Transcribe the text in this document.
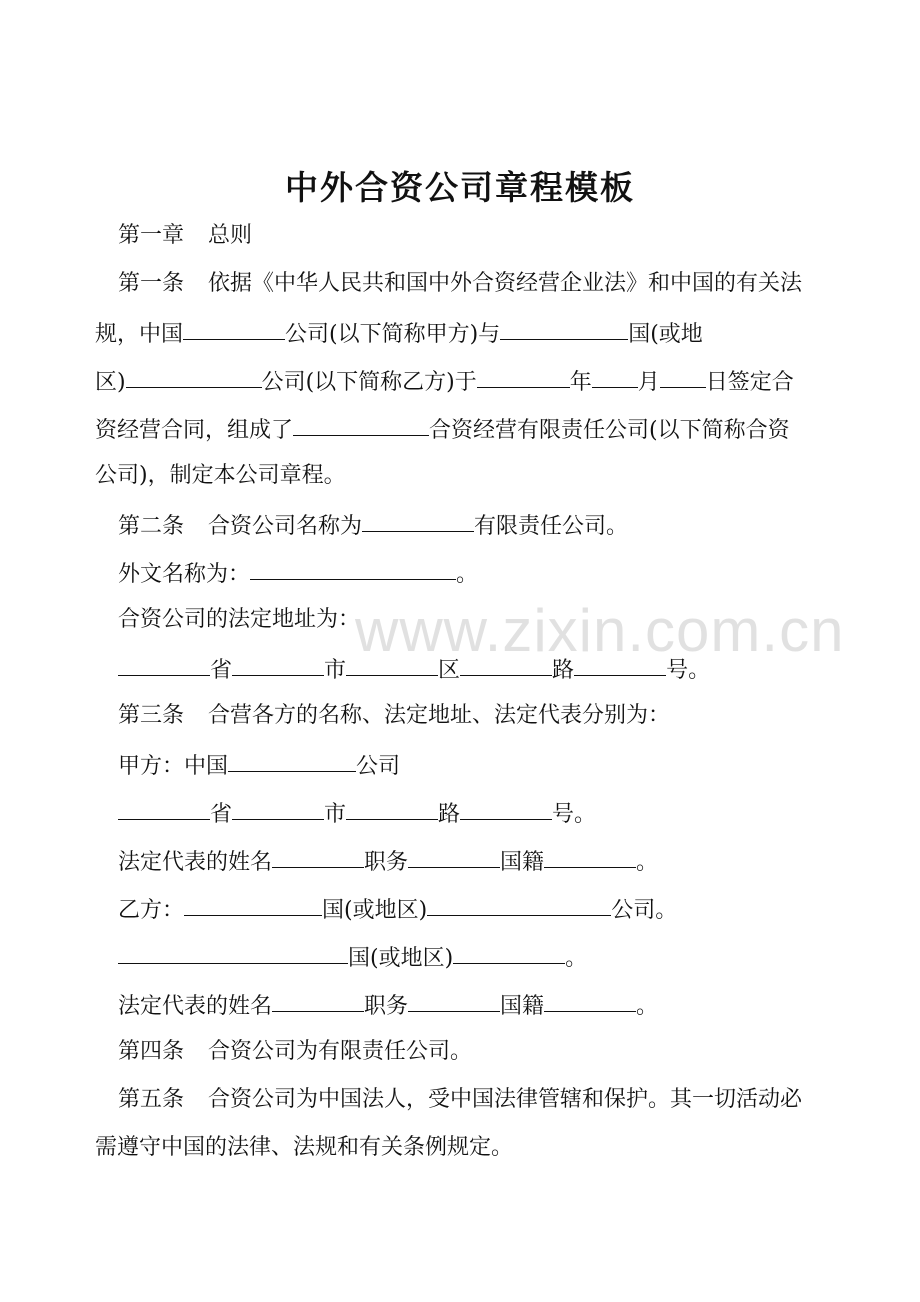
中外合资公司章程模板
www.zixin.com.cn
第一章 总则
第一条 依据《中华人民共和国中外合资经营企业法》和中国的有关法
规，中国	公司(以下简称甲方)与	国(或地
区)	公司(以下简称乙方)于	年 月 日签定合
资经营合同，组成了	合资经营有限责任公司(以下简称合资
公司)，制定本公司章程。
第二条 合资公司名称为	有限责任公司。
外文名称为：	。
合资公司的法定地址为：
省	市	区	路	号。
第三条 合营各方的名称、法定地址、法定代表分别为：
甲方：中国	公司
省	市	路	号。
法定代表的姓名	职务	国籍	。
乙方：	国(或地区)	公司。
国(或地区)	。
法定代表的姓名	职务	国籍	。
第四条 合资公司为有限责任公司。
第五条 合资公司为中国法人，受中国法律管辖和保护。其一切活动必
需遵守中国的法律、法规和有关条例规定。
